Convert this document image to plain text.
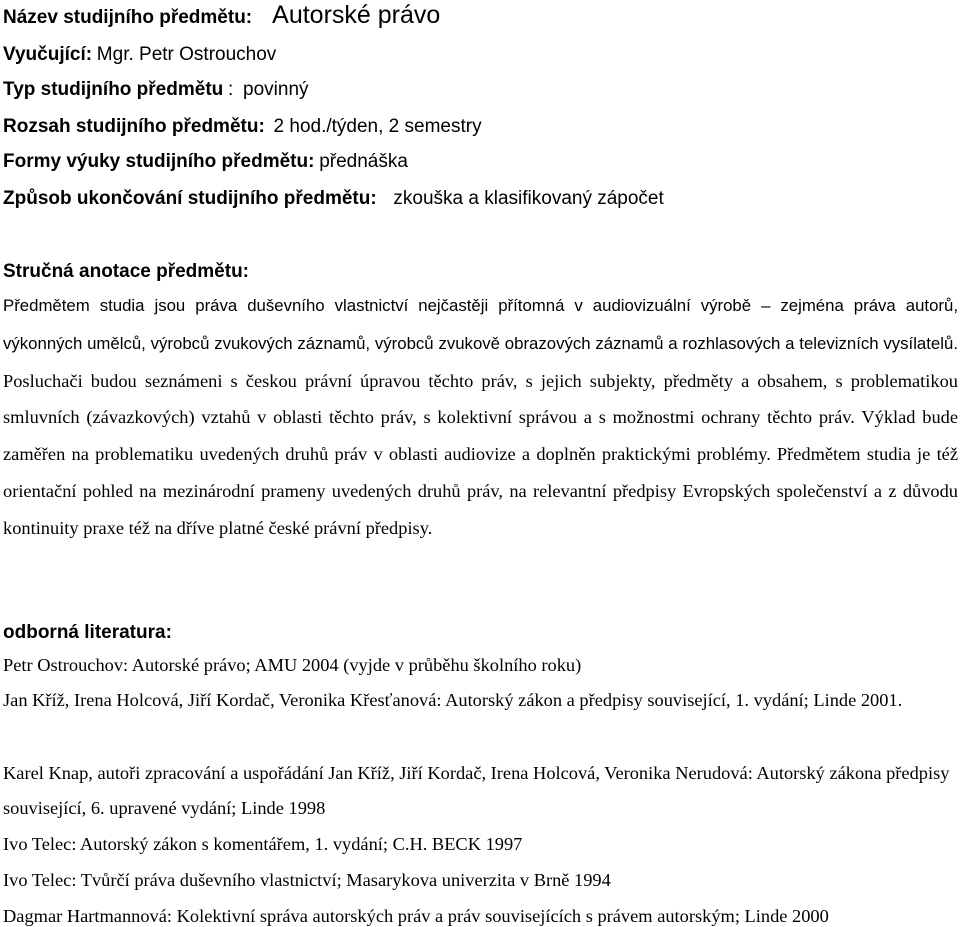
Název studijního předmětu: Autorské právo
Vyučující: Mgr. Petr Ostrouchov
Typ studijního předmětu : povinný
Rozsah studijního předmětu: 2 hod./týden, 2 semestry
Formy výuky studijního předmětu: přednáška
Způsob ukončování studijního předmětu: zkouška a klasifikovaný zápočet
Stručná anotace předmětu:
Předmětem studia jsou práva duševního vlastnictví nejčastěji přítomná v audiovizuální výrobě – zejména práva autorů, výkonných umělců, výrobců zvukových záznamů, výrobců zvukově obrazových záznamů a rozhlasových a televizních vysílatelů. Posluchači budou seznámeni s českou právní úpravou těchto práv, s jejich subjekty, předměty a obsahem, s problematikou smluvních (závazkových) vztahů v oblasti těchto práv, s kolektivní správou a s možnostmi ochrany těchto práv. Výklad bude zaměřen na problematiku uvedených druhů práv v oblasti audiovize a doplněn praktickými problémy. Předmětem studia je též orientační pohled na mezinárodní prameny uvedených druhů práv, na relevantní předpisy Evropských společenství a z důvodu kontinuity praxe též na dříve platné české právní předpisy.
odborná literatura:
Petr Ostrouchov: Autorské právo; AMU 2004 (vyjde v průběhu školního roku)
Jan Kříž, Irena Holcová, Jiří Kordač, Veronika Křesťanová: Autorský zákon a předpisy související, 1. vydání; Linde 2001.
Karel Knap, autoři zpracování a uspořádání Jan Kříž, Jiří Kordač, Irena Holcová, Veronika Nerudová: Autorský zákona předpisy související, 6. upravené vydání; Linde 1998
Ivo Telec: Autorský zákon s komentářem, 1. vydání; C.H. BECK 1997
Ivo Telec: Tvůrčí práva duševního vlastnictví; Masarykova univerzita v Brně 1994
Dagmar Hartmannová: Kolektivní správa autorských práv a práv souvisejících s právem autorským; Linde 2000
